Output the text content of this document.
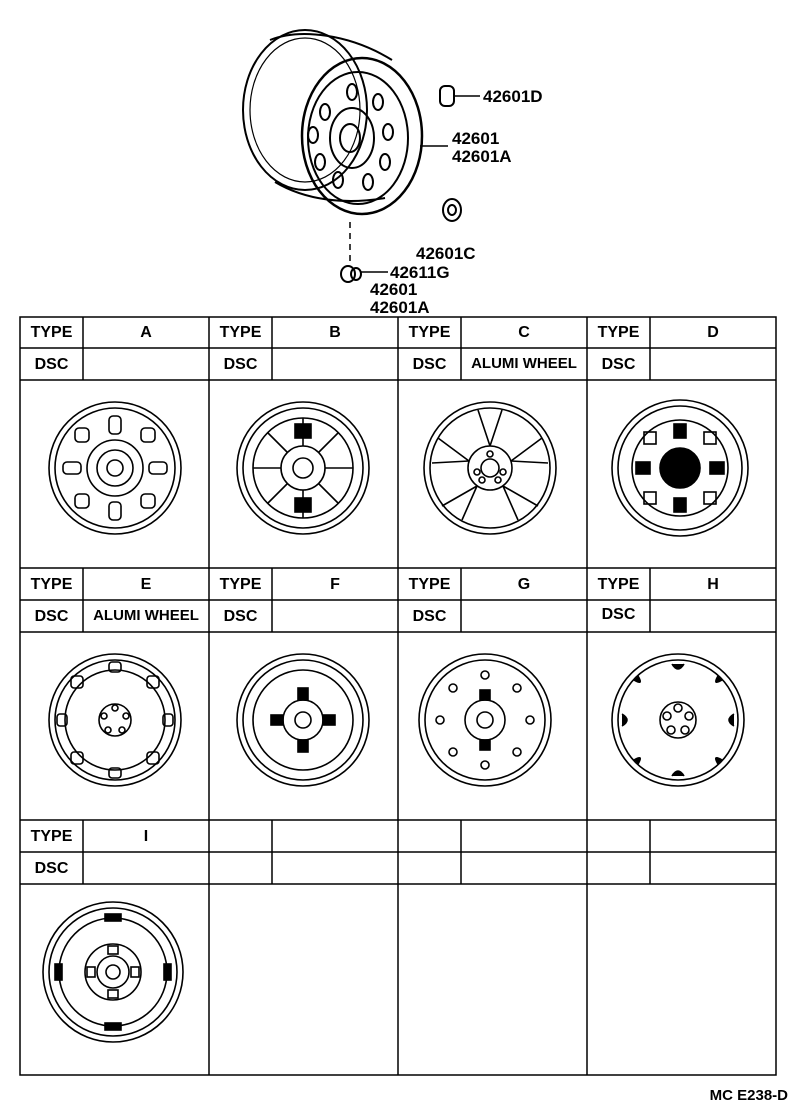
42601D
42601
42601A
42601C
42611G
42601
42601A
TYPE	A
DSC
TYPE	B
DSC
TYPE	C
DSC	ALUMI WHEEL
TYPE	D
DSC
TYPE	E
DSC	ALUMI WHEEL
TYPE	F
DSC
TYPE	G
DSC
TYPE	H
DSC
TYPE	I
DSC
MC E238-D
